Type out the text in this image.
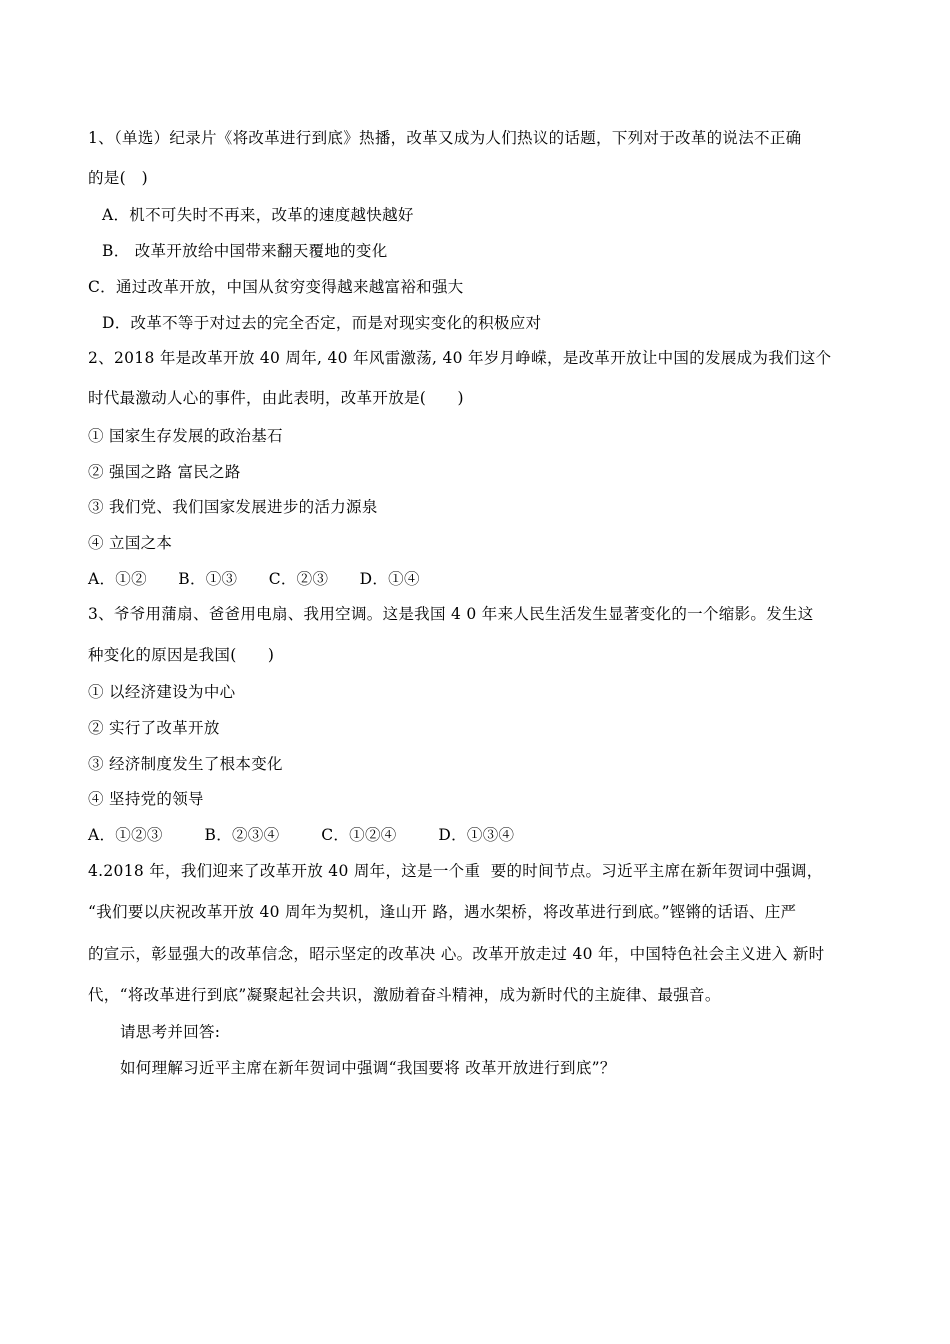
1、（单选）纪录片《将改革进行到底》热播，改革又成为人们热议的话题，下列对于改革的说法不正确
的是(   )
A．机不可失时不再来，改革的速度越快越好
B． 改革开放给中国带来翻天覆地的变化
C．通过改革开放，中国从贫穷变得越来越富裕和强大
D．改革不等于对过去的完全否定，而是对现实变化的积极应对
2、2018 年是改革开放 40 周年, 40 年风雷激荡, 40 年岁月峥嵘，是改革开放让中国的发展成为我们这个
时代最激动人心的事件，由此表明，改革开放是(      )
① 国家生存发展的政治基石
② 强国之路 富民之路
③ 我们党、我们国家发展进步的活力源泉
④ 立国之本
A．①②      B．①③      C．②③      D．①④
3、爷爷用蒲扇、爸爸用电扇、我用空调。这是我国 4 0 年来人民生活发生显著变化的一个缩影。发生这
种变化的原因是我国(      )
① 以经济建设为中心
② 实行了改革开放
③ 经济制度发生了根本变化
④ 坚持党的领导
A．①②③        B．②③④        C．①②④        D．①③④
4.2018 年，我们迎来了改革开放 40 周年，这是一个重  要的时间节点。习近平主席在新年贺词中强调，
“我们要以庆祝改革开放 40 周年为契机，逢山开 路，遇水架桥，将改革进行到底。”铿锵的话语、庄严
的宣示，彰显强大的改革信念，昭示坚定的改革决 心。改革开放走过 40 年，中国特色社会主义进入 新时
代，“将改革进行到底”凝聚起社会共识，激励着奋斗精神，成为新时代的主旋律、最强音。
请思考并回答:
如何理解习近平主席在新年贺词中强调“我国要将 改革开放进行到底”？
